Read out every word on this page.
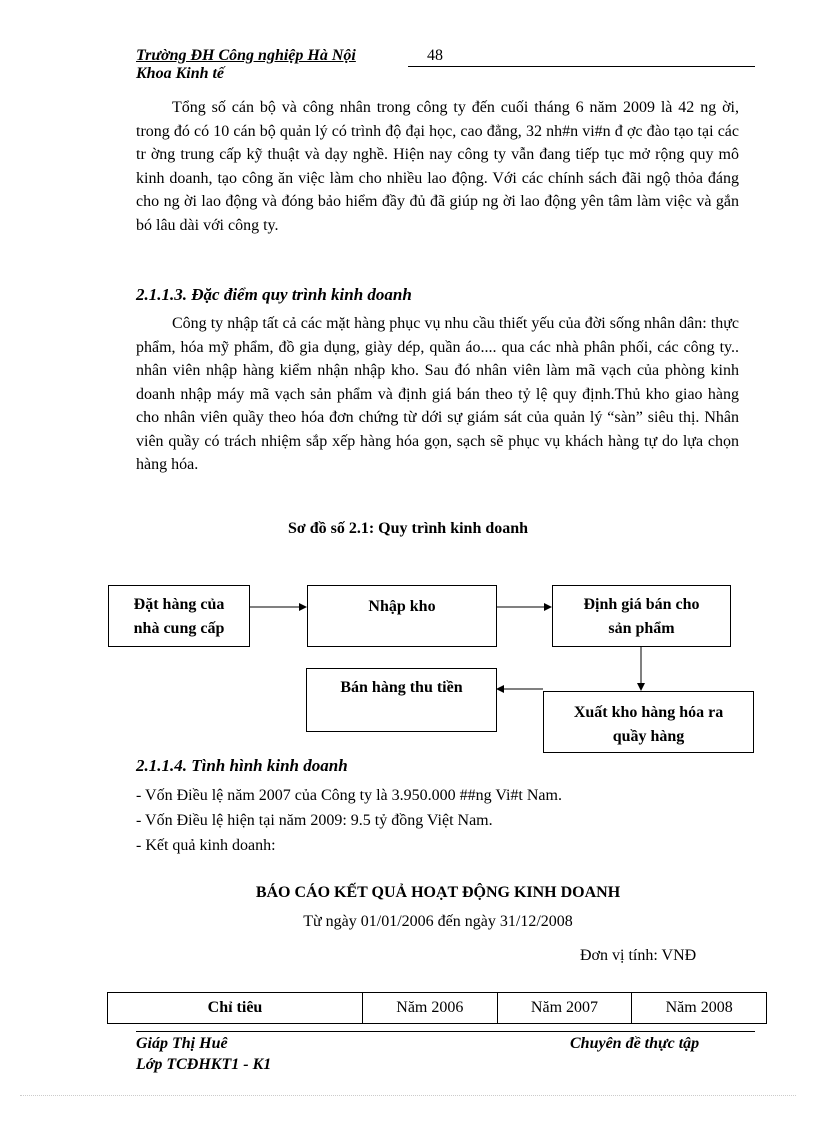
Trường ĐH Công nghiệp Hà Nội	48
Khoa Kinh tế
Tổng số cán bộ và công nhân trong công ty đến cuối tháng 6 năm 2009 là 42 ng ời, trong đó có 10 cán bộ quản lý có trình độ đại học, cao đẳng, 32 nh#n vi#n đ ợc đào tạo tại các tr ờng trung cấp kỹ thuật và dạy nghề. Hiện nay công ty vẫn đang tiếp tục mở rộng quy mô kinh doanh, tạo công ăn việc làm cho nhiều lao động. Với các chính sách đãi ngộ thỏa đáng cho ng ời lao động và đóng bảo hiểm đầy đủ đã giúp ng ời lao động yên tâm làm việc và gắn bó lâu dài với công ty.
2.1.1.3. Đặc điểm quy trình kinh doanh
Công ty nhập tất cả các mặt hàng phục vụ nhu cầu thiết yếu của đời sống nhân dân: thực phẩm, hóa mỹ phẩm, đồ gia dụng, giày dép, quần áo.... qua các nhà phân phối, các công ty.. nhân viên nhập hàng kiểm nhận nhập kho. Sau đó nhân viên làm mã vạch của phòng kinh doanh nhập máy mã vạch sản phẩm và định giá bán theo tỷ lệ quy định.Thủ kho giao hàng cho nhân viên quầy theo hóa đơn chứng từ dới sự giám sát của quản lý “sàn” siêu thị. Nhân viên quầy có trách nhiệm sắp xếp hàng hóa gọn, sạch sẽ phục vụ khách hàng tự do lựa chọn hàng hóa.
Sơ đồ số 2.1: Quy trình kinh doanh
Đặt hàng của
nhà cung cấp
Nhập kho	Định giá bán cho
sản phẩm
Bán hàng thu tiền
Xuất kho hàng hóa ra
quầy hàng
2.1.1.4. Tình hình kinh doanh
- Vốn Điều lệ năm 2007 của Công ty là 3.950.000 ##ng Vi#t Nam.
- Vốn Điều lệ hiện tại năm 2009: 9.5 tỷ đồng Việt Nam.
- Kết quả kinh doanh:
BÁO CÁO KẾT QUẢ HOẠT ĐỘNG KINH DOANH
Từ ngày 01/01/2006 đến ngày 31/12/2008
Đơn vị tính: VNĐ
Chỉ tiêu	Năm 2006	Năm 2007	Năm 2008
Giáp Thị Huê
Lớp TCĐHKT1 - K1
Chuyên đề thực tập
